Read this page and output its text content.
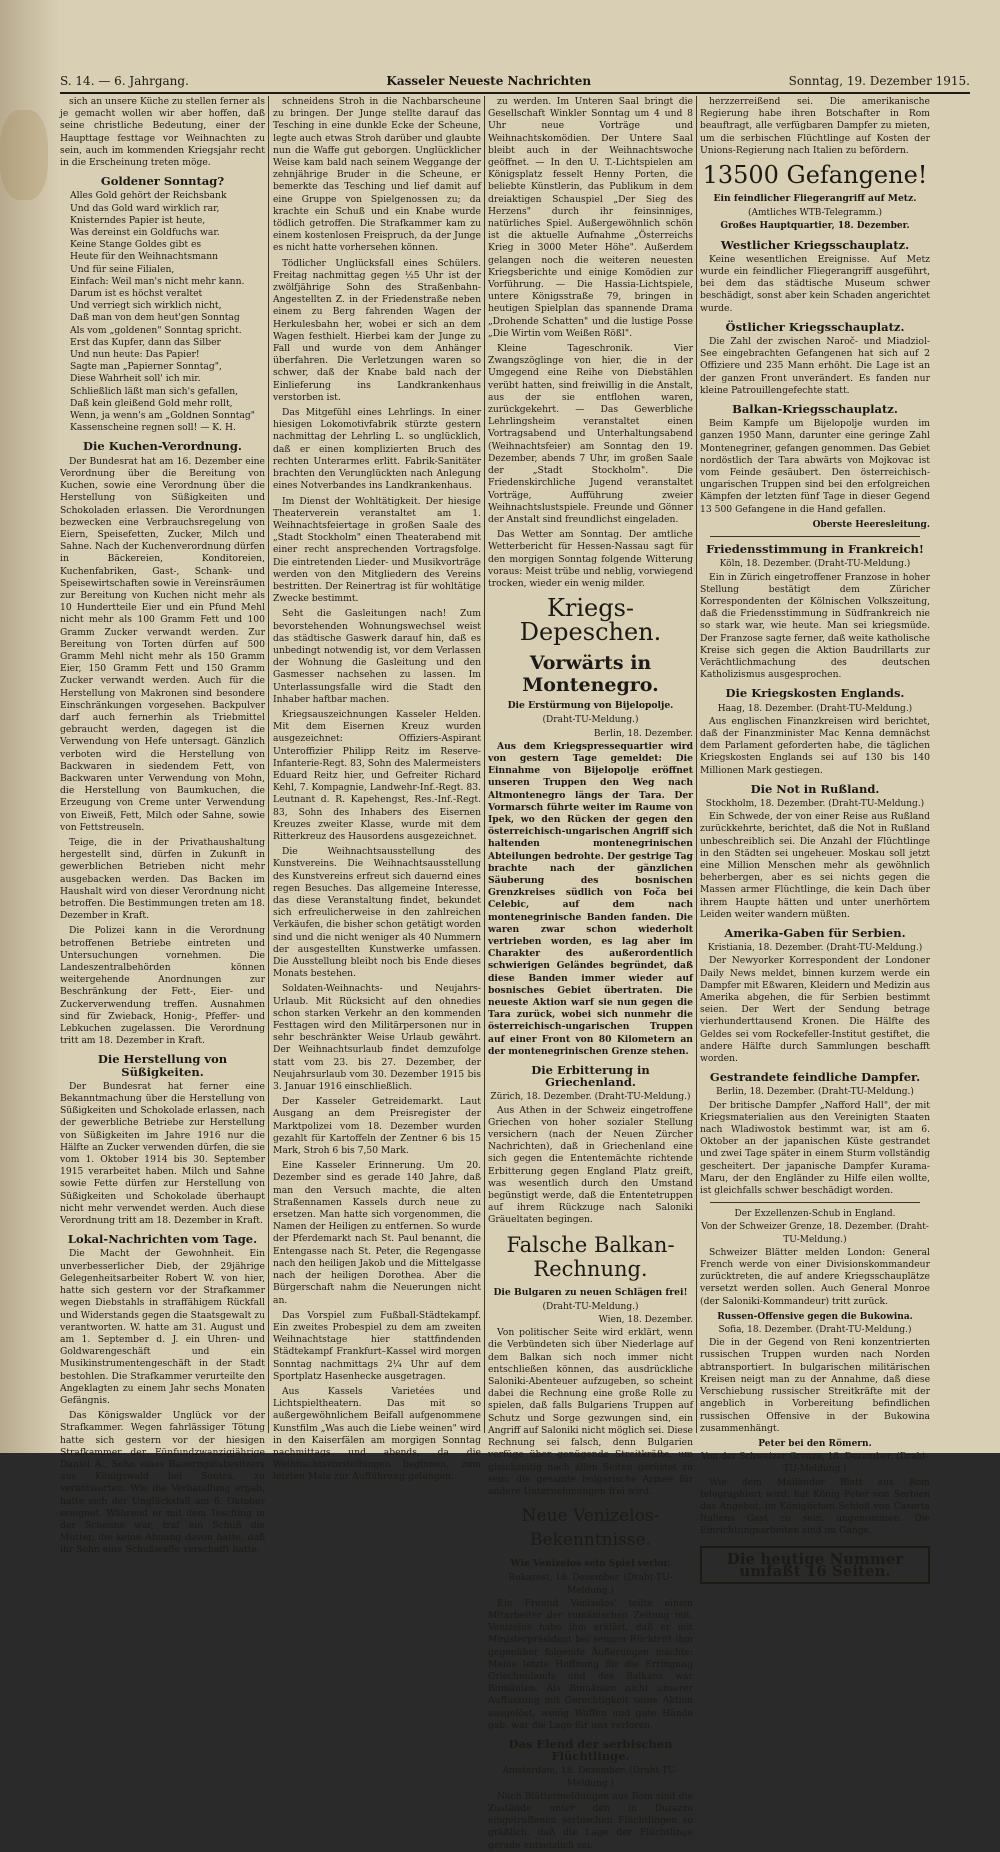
S. 14. — 6. Jahrgang.	Kasseler Neueste Nachrichten	Sonntag, 19. Dezember 1915.

sich an unsere Küche zu stellen ferner als je gemacht wollen wir aber hoffen, daß seine christliche Bedeutung, einer der Haupttage festtage vor Weihnachten zu sein, auch im kommenden Kriegsjahr recht in die Erscheinung treten möge.

Goldener Sonntag?
Alles Gold gehört der Reichsbank
Und das Gold ward wirklich rar,
Knisterndes Papier ist heute,
Was dereinst ein Goldfuchs war.
Keine Stange Goldes gibt es
Heute für den Weihnachtsmann
Und für seine Filialen,
Einfach: Weil man's nicht mehr kann.
Darum ist es höchst veraltet
Und verriegt sich wirklich nicht,
Daß man von dem heut'gen Sonntag
Als vom „goldenen" Sonntag spricht.
Erst das Kupfer, dann das Silber
Und nun heute: Das Papier!
Sagte man „Papierner Sonntag",
Diese Wahrheit soll' ich mir.
Schließlich läßt man sich's gefallen,
Daß kein gleißend Gold mehr rollt,
Wenn, ja wenn's am „Goldnen Sonntag"
Kassenscheine regnen soll! — K. H.
Die Kuchen-Verordnung.

Der Bundesrat hat am 16. Dezember eine Verordnung über die Bereitung von Kuchen, sowie eine Verordnung über die Herstellung von Süßigkeiten und Schokoladen erlassen. Die Verordnungen bezwecken eine Verbrauchsregelung von Eiern, Speisefetten, Zucker, Milch und Sahne. Nach der Kuchenverordnung dürfen in Bäckereien, Konditoreien, Kuchenfabriken, Gast-, Schank- und Speisewirtschaften sowie in Vereinsräumen zur Bereitung von Kuchen nicht mehr als 10 Hundertteile Eier und ein Pfund Mehl nicht mehr als 100 Gramm Fett und 100 Gramm Zucker verwandt werden. Zur Bereitung von Torten dürfen auf 500 Gramm Mehl nicht mehr als 150 Gramm Eier, 150 Gramm Fett und 150 Gramm Zucker verwandt werden. Auch für die Herstellung von Makronen sind besondere Einschränkungen vorgesehen. Backpulver darf auch fernerhin als Triebmittel gebraucht werden, dagegen ist die Verwendung von Hefe untersagt. Gänzlich verboten wird die Herstellung von Backwaren in siedendem Fett, von Backwaren unter Verwendung von Mohn, die Herstellung von Baumkuchen, die Erzeugung von Creme unter Verwendung von Eiweiß, Fett, Milch oder Sahne, sowie von Fettstreuseln.

Teige, die in der Privathaushaltung hergestellt sind, dürfen in Zukunft in gewerblichen Betrieben nicht mehr ausgebacken werden. Das Backen im Haushalt wird von dieser Verordnung nicht betroffen. Die Bestimmungen treten am 18. Dezember in Kraft.

Die Polizei kann in die Verordnung betroffenen Betriebe eintreten und Untersuchungen vornehmen. Die Landeszentralbehörden können weitergehende Anordnungen zur Beschränkung der Fett-, Eier- und Zuckerverwendung treffen. Ausnahmen sind für Zwieback, Honig-, Pfeffer- und Lebkuchen zugelassen. Die Verordnung tritt am 18. Dezember in Kraft.

Die Herstellung von Süßigkeiten.

Der Bundesrat hat ferner eine Bekanntmachung über die Herstellung von Süßigkeiten und Schokolade erlassen, nach der gewerbliche Betriebe zur Herstellung von Süßigkeiten im Jahre 1916 nur die Hälfte an Zucker verwenden dürfen, die sie vom 1. Oktober 1914 bis 30. September 1915 verarbeitet haben. Milch und Sahne sowie Fette dürfen zur Herstellung von Süßigkeiten und Schokolade überhaupt nicht mehr verwendet werden. Auch diese Verordnung tritt am 18. Dezember in Kraft.

Lokal-Nachrichten vom Tage.

Die Macht der Gewohnheit. Ein unverbesserlicher Dieb, der 29jährige Gelegenheitsarbeiter Robert W. von hier, hatte sich gestern vor der Strafkammer wegen Diebstahls in straffähigem Rückfall und Widerstands gegen die Staatsgewalt zu verantworten. W. hatte am 31. August und am 1. September d. J. ein Uhren- und Goldwarengeschäft und ein Musikinstrumentengeschäft in der Stadt bestohlen. Die Strafkammer verurteilte den Angeklagten zu einem Jahr sechs Monaten Gefängnis.

Das Königswalder Unglück vor der Strafkammer. Wegen fahrlässiger Tötung hatte sich gestern vor der hiesigen Strafkammer der Fünfundzwanzigjährige Daniel A., Sohn eines Bauerngutsbesitzers aus Königswald bei Sontra, zu verantworten. Wie die Verhandlung ergab, hatte sich der Unglücksfall am 6. Oktober ereignet. Während er mit dem Tesching in der Scheune war, traf ein Schuß die Mutter, die keine Ahnung davon hatte, daß ihr Sohn eine Schußwaffe verschafft hatte.

schneidens Stroh in die Nachbarscheune zu bringen. Der Junge stellte darauf das Tesching in eine dunkle Ecke der Scheune, legte auch etwas Stroh darüber und glaubte nun die Waffe gut geborgen. Unglücklicher Weise kam bald nach seinem Weggange der zehnjährige Bruder in die Scheune, er bemerkte das Tesching und lief damit auf eine Gruppe von Spielgenossen zu; da krachte ein Schuß und ein Knabe wurde tödlich getroffen. Die Strafkammer kam zu einem kostenlosen Freispruch, da der Junge es nicht hatte vorhersehen können.

Tödlicher Unglücksfall eines Schülers. Freitag nachmittag gegen ½5 Uhr ist der zwölfjährige Sohn des Straßenbahn-Angestellten Z. in der Friedenstraße neben einem zu Berg fahrenden Wagen der Herkulesbahn her, wobei er sich an dem Wagen festhielt. Hierbei kam der Junge zu Fall und wurde von dem Anhänger überfahren. Die Verletzungen waren so schwer, daß der Knabe bald nach der Einlieferung ins Landkrankenhaus verstorben ist.

Das Mitgefühl eines Lehrlings. In einer hiesigen Lokomotivfabrik stürzte gestern nachmittag der Lehrling L. so unglücklich, daß er einen komplizierten Bruch des rechten Unterarmes erlitt. Fabrik-Sanitäter brachten den Verunglückten nach Anlegung eines Notverbandes ins Landkrankenhaus.

Im Dienst der Wohltätigkeit. Der hiesige Theaterverein veranstaltet am 1. Weihnachtsfeiertage in großen Saale des „Stadt Stockholm" einen Theaterabend mit einer recht ansprechenden Vortragsfolge. Die eintretenden Lieder- und Musikvorträge werden von den Mitgliedern des Vereins bestritten. Der Reinertrag ist für wohltätige Zwecke bestimmt.

Seht die Gasleitungen nach! Zum bevorstehenden Wohnungswechsel weist das städtische Gaswerk darauf hin, daß es unbedingt notwendig ist, vor dem Verlassen der Wohnung die Gasleitung und den Gasmesser nachsehen zu lassen. Im Unterlassungsfalle wird die Stadt den Inhaber haftbar machen.

Kriegsauszeichnungen Kasseler Helden. Mit dem Eisernen Kreuz wurden ausgezeichnet: Offiziers-Aspirant Unteroffizier Philipp Reitz im Reserve-Infanterie-Regt. 83, Sohn des Malermeisters Eduard Reitz hier, und Gefreiter Richard Kehl, 7. Kompagnie, Landwehr-Inf.-Regt. 83. Leutnant d. R. Kapehengst, Res.-Inf.-Regt. 83, Sohn des Inhabers des Eisernen Kreuzes zweiter Klasse, wurde mit dem Ritterkreuz des Hausordens ausgezeichnet.

Die Weihnachtsausstellung des Kunstvereins. Die Weihnachtsausstellung des Kunstvereins erfreut sich dauernd eines regen Besuches. Das allgemeine Interesse, das diese Veranstaltung findet, bekundet sich erfreulicherweise in den zahlreichen Verkäufen, die bisher schon getätigt worden sind und die nicht weniger als 40 Nummern der ausgestellten Kunstwerke umfassen. Die Ausstellung bleibt noch bis Ende dieses Monats bestehen.

Soldaten-Weihnachts- und Neujahrs-Urlaub. Mit Rücksicht auf den ohnedies schon starken Verkehr an den kommenden Festtagen wird den Militärpersonen nur in sehr beschränkter Weise Urlaub gewährt. Der Weihnachtsurlaub findet demzufolge statt vom 23. bis 27. Dezember, der Neujahrsurlaub vom 30. Dezember 1915 bis 3. Januar 1916 einschließlich.

Der Kasseler Getreidemarkt. Laut Ausgang an dem Preisregister der Marktpolizei vom 18. Dezember wurden gezahlt für Kartoffeln der Zentner 6 bis 15 Mark, Stroh 6 bis 7,50 Mark.

Eine Kasseler Erinnerung. Um 20. Dezember sind es gerade 140 Jahre, daß man den Versuch machte, die alten Straßennamen Kassels durch neue zu ersetzen. Man hatte sich vorgenommen, die Namen der Heiligen zu entfernen. So wurde der Pferdemarkt nach St. Paul benannt, die Entengasse nach St. Peter, die Regengasse nach den heiligen Jakob und die Mittelgasse nach der heiligen Dorothea. Aber die Bürgerschaft nahm die Neuerungen nicht an.

Das Vorspiel zum Fußball-Städtekampf. Ein zweites Probespiel zu dem am zweiten Weihnachtstage hier stattfindenden Städtekampf Frankfurt–Kassel wird morgen Sonntag nachmittags 2¼ Uhr auf dem Sportplatz Hasenhecke ausgetragen.

Aus Kassels Varietées und Lichtspieltheatern. Das mit so außergewöhnlichem Beifall aufgenommene Kunstfilm „Was auch die Liebe weinen" wird in den Kaiserfälen am morgigen Sonntag nachmittags und abends, da die Weihnachtsvorstellungen beginnen, zum letzten Male zur Aufführung gelangen.

zu werden. Im Unteren Saal bringt die Gesellschaft Winkler Sonntag um 4 und 8 Uhr neue Vorträge und Weihnachtskomödien. Der Untere Saal bleibt auch in der Weihnachtswoche geöffnet. — In den U. T.-Lichtspielen am Königsplatz fesselt Henny Porten, die beliebte Künstlerin, das Publikum in dem dreiaktigen Schauspiel „Der Sieg des Herzens" durch ihr feinsinniges, natürliches Spiel. Außergewöhnlich schön ist die aktuelle Aufnahme „Österreichs Krieg in 3000 Meter Höhe". Außerdem gelangen noch die weiteren neuesten Kriegsberichte und einige Komödien zur Vorführung. — Die Hassia-Lichtspiele, untere Königsstraße 79, bringen in heutigen Spielplan das spannende Drama „Drohende Schatten" und die lustige Posse „Die Wirtin vom Weißen Rößl".

Kleine Tageschronik. Vier Zwangszöglinge von hier, die in der Umgegend eine Reihe von Diebstählen verübt hatten, sind freiwillig in die Anstalt, aus der sie entflohen waren, zurückgekehrt. — Das Gewerbliche Lehrlingsheim veranstaltet einen Vortragsabend und Unterhaltungsabend (Weihnachtsfeier) am Sonntag den 19. Dezember, abends 7 Uhr, im großen Saale der „Stadt Stockholm". Die Friedenskirchliche Jugend veranstaltet Vorträge, Aufführung zweier Weihnachtslustspiele. Freunde und Gönner der Anstalt sind freundlichst eingeladen.

Das Wetter am Sonntag. Der amtliche Wetterbericht für Hessen-Nassau sagt für den morgigen Sonntag folgende Witterung voraus: Meist trübe und neblig, vorwiegend trocken, wieder ein wenig milder.

Kriegs-Depeschen.
Vorwärts in Montenegro.
Die Erstürmung von Bijelopolje.
(Draht-TU-Meldung.)
Berlin, 18. Dezember.

Aus dem Kriegspressequartier wird von gestern Tage gemeldet: Die Einnahme von Bijelopolje eröffnet unseren Truppen den Weg nach Altmontenegro längs der Tara. Der Vormarsch führte weiter im Raume von Ipek, wo den Rücken der gegen den österreichisch-ungarischen Angriff sich haltenden montenegrinischen Abteilungen bedrohte. Der gestrige Tag brachte nach der gänzlichen Säuberung des bosnischen Grenzkreises südlich von Foča bei Celebic, auf dem nach montenegrinische Banden fanden. Die waren zwar schon wiederholt vertrieben worden, es lag aber im Charakter des außerordentlich schwierigen Geländes begründet, daß diese Banden immer wieder auf bosnisches Gebiet übertraten. Die neueste Aktion warf sie nun gegen die Tara zurück, wobei sich nunmehr die österreichisch-ungarischen Truppen auf einer Front von 80 Kilometern an der montenegrinischen Grenze stehen.

Die Erbitterung in Griechenland.
Zürich, 18. Dezember. (Draht-TU-Meldung.)

Aus Athen in der Schweiz eingetroffene Griechen von hoher sozialer Stellung versichern (nach der Neuen Zürcher Nachrichten), daß in Griechenland eine sich gegen die Ententemächte richtende Erbitterung gegen England Platz greift, was wesentlich durch den Umstand begünstigt werde, daß die Ententetruppen auf ihrem Rückzuge nach Saloniki Gräueltaten begingen.

Falsche Balkan-Rechnung.
Die Bulgaren zu neuen Schlägen frei!
(Draht-TU-Meldung.)
Wien, 18. Dezember.

Von politischer Seite wird erklärt, wenn die Verbündeten sich über Niederlage auf dem Balkan sich noch immer nicht entschließen können, das ausdrückliche Saloniki-Abenteuer aufzugeben, so scheint dabei die Rechnung eine große Rolle zu spielen, daß falls Bulgariens Truppen auf Schutz und Sorge gezwungen sind, ein Angriff auf Saloniki nicht möglich sei. Diese Rechnung sei falsch, denn Bulgarien verfüge über genügende Streitkräfte, um gleichzeitig nach allen Seiten gerüstet zu sein; die gesamte bulgarische Armee für andere Unternehmungen frei wird.

Neue Venizelos-Bekenntnisse.
Wie Venizelos sein Spiel verlor.
Bukarest, 18. Dezember. (Draht-TU-Meldung.)

Ein Freund Venizelos' teilte einem Mitarbeiter der rumänischen Zeitung mit, Venizelos habe ihm erklärt, daß er mit Ministerpräsident bei seinem Rücktritt ihm gegenüber folgende Äußerungen machte: Meine letzte Hoffnung für die Erringung Griechenlands und des Balkans war Rumänien. Als Rumänien nicht unserer Auffassung mit Gerechtigkeit seine Aktion ausgelöst, wenig Waffen und gute Hände gab, war die Lage für uns verloren.

Das Elend der serbischen Flüchtlinge.
Amsterdam, 18. Dezember. (Draht-TU-Meldung.)

Nach Blättermeldungen aus Rom sind die Zustände unter den in Durazzo eingetroffenen serbischen Flüchtlingen so gräßlich, daß die Lage der Flüchtlinge gerade entsetzlich sei.

herzzerreißend sei. Die amerikanische Regierung habe ihren Botschafter in Rom beauftragt, alle verfügbaren Dampfer zu mieten, um die serbischen Flüchtlinge auf Kosten der Unions-Regierung nach Italien zu befördern.

13500 Gefangene!
Ein feindlicher Fliegerangriff auf Metz.
(Amtliches WTB-Telegramm.)
Großes Hauptquartier, 18. Dezember.
Westlicher Kriegsschauplatz.

Keine wesentlichen Ereignisse. Auf Metz wurde ein feindlicher Fliegerangriff ausgeführt, bei dem das städtische Museum schwer beschädigt, sonst aber kein Schaden angerichtet wurde.

Östlicher Kriegsschauplatz.

Die Zahl der zwischen Naroč- und Miadziol-See eingebrachten Gefangenen hat sich auf 2 Offiziere und 235 Mann erhöht. Die Lage ist an der ganzen Front unverändert. Es fanden nur kleine Patrouillengefechte statt.

Balkan-Kriegsschauplatz.

Beim Kampfe um Bijelopolje wurden im ganzen 1950 Mann, darunter eine geringe Zahl Montenegriner, gefangen genommen. Das Gebiet nordöstlich der Tara abwärts von Mojkovac ist vom Feinde gesäubert. Den österreichisch-ungarischen Truppen sind bei den erfolgreichen Kämpfen der letzten fünf Tage in dieser Gegend 13 500 Gefangene in die Hand gefallen.

Oberste Heeresleitung.
Friedensstimmung in Frankreich!
Köln, 18. Dezember. (Draht-TU-Meldung.)

Ein in Zürich eingetroffener Franzose in hoher Stellung bestätigt dem Züricher Korrespondenten der Kölnischen Volkszeitung, daß die Friedensstimmung in Südfrankreich nie so stark war, wie heute. Man sei kriegsmüde. Der Franzose sagte ferner, daß weite katholische Kreise sich gegen die Aktion Baudrillarts zur Verächtlichmachung des deutschen Katholizismus ausgesprochen.

Die Kriegskosten Englands.
Haag, 18. Dezember. (Draht-TU-Meldung.)

Aus englischen Finanzkreisen wird berichtet, daß der Finanzminister Mac Kenna demnächst dem Parlament geforderten habe, die täglichen Kriegskosten Englands sei auf 130 bis 140 Millionen Mark gestiegen.

Die Not in Rußland.
Stockholm, 18. Dezember. (Draht-TU-Meldung.)

Ein Schwede, der von einer Reise aus Rußland zurückkehrte, berichtet, daß die Not in Rußland unbeschreiblich sei. Die Anzahl der Flüchtlinge in den Städten sei ungeheuer. Moskau soll jetzt eine Million Menschen mehr als gewöhnlich beherbergen, aber es sei nichts gegen die Massen armer Flüchtlinge, die kein Dach über ihrem Haupte hätten und unter unerhörtem Leiden weiter wandern müßten.

Amerika-Gaben für Serbien.
Kristiania, 18. Dezember. (Draht-TU-Meldung.)

Der Newyorker Korrespondent der Londoner Daily News meldet, binnen kurzem werde ein Dampfer mit Eßwaren, Kleidern und Medizin aus Amerika abgehen, die für Serbien bestimmt seien. Der Wert der Sendung betrage vierhunderttausend Kronen. Die Hälfte des Geldes sei vom Rockefeller-Institut gestiftet, die andere Hälfte durch Sammlungen beschafft worden.

Gestrandete feindliche Dampfer.
Berlin, 18. Dezember. (Draht-TU-Meldung.)

Der britische Dampfer „Nafford Hall", der mit Kriegsmaterialien aus den Vereinigten Staaten nach Wladiwostok bestimmt war, ist am 6. Oktober an der japanischen Küste gestrandet und zwei Tage später in einem Sturm vollständig gescheitert. Der japanische Dampfer Kurama-Maru, der den Engländer zu Hilfe eilen wollte, ist gleichfalls schwer beschädigt worden.

Der Exzellenzen-Schub in England.
Von der Schweizer Grenze, 18. Dezember. (Draht-TU-Meldung.)

Schweizer Blätter melden London: General French werde von einer Divisionskommandeur zurücktreten, die auf andere Kriegsschauplätze versetzt werden sollen. Auch General Monroe (der Saloniki-Kommandeur) tritt zurück.

Russen-Offensive gegen die Bukowina.
Sofia, 18. Dezember. (Draht-TU-Meldung.)

Die in der Gegend von Reni konzentrierten russischen Truppen wurden nach Norden abtransportiert. In bulgarischen militärischen Kreisen neigt man zu der Annahme, daß diese Verschiebung russischer Streitkräfte mit der angeblich in Vorbereitung befindlichen russischen Offensive in der Bukowina zusammenhängt.

Peter bei den Römern.
Von der Schweizer Grenze, 18. Dezember. (Draht-TU-Meldung.)

Wie dem Mailänder Blatt aus Rom telegraphiert wird, hat König Peter von Serbien das Angebot, im Königlichen Schloß von Caserta Italiens Gast zu sein, angenommen. Die Einrichtungsarbeiten sind im Gange.

Die heutige Nummer umfaßt 16 Seiten.
